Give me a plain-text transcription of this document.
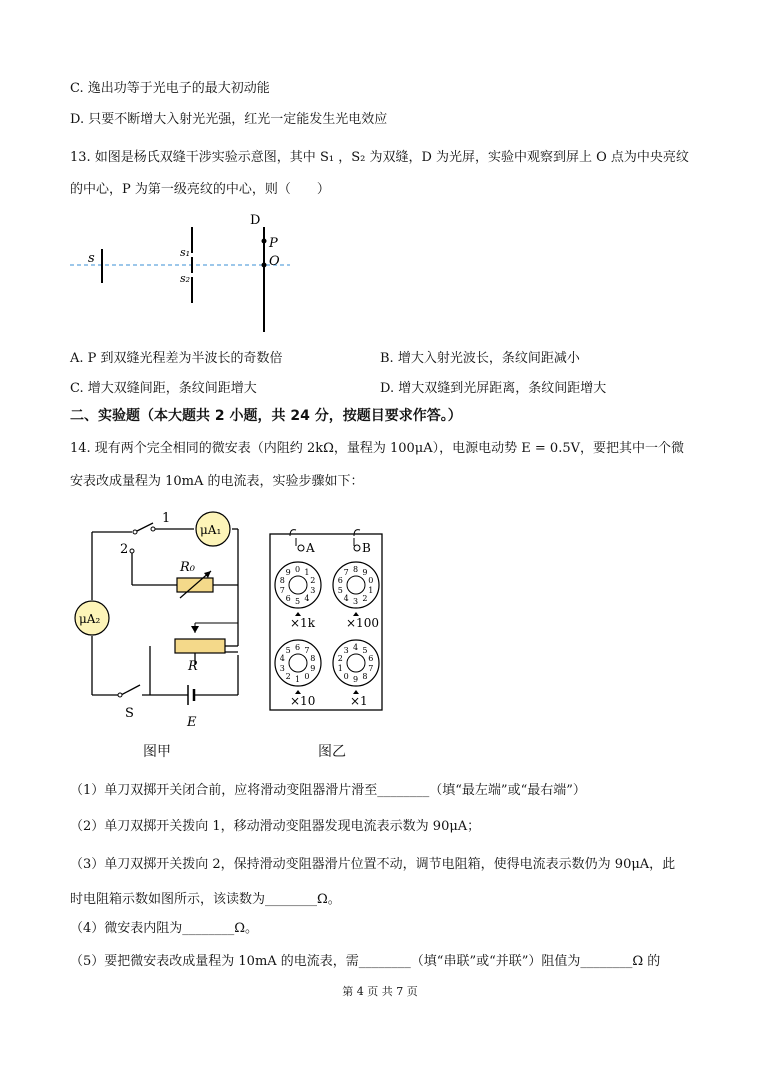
C. 逸出功等于光电子的最大初动能
D. 只要不断增大入射光光强，红光一定能发生光电效应
13. 如图是杨氏双缝干涉实验示意图，其中 S₁ ，S₂ 为双缝，D 为光屏，实验中观察到屏上 O 点为中央亮纹
的中心，P 为第一级亮纹的中心，则（　　）
s	s₁
s₂
D
P
O
A. P 到双缝光程差为半波长的奇数倍	B. 增大入射光波长，条纹间距减小
C. 增大双缝间距，条纹间距增大	D. 增大双缝到光屏距离，条纹间距增大
二、实验题（本大题共 2 小题，共 24 分，按题目要求作答。）
14. 现有两个完全相同的微安表（内阻约 2kΩ，量程为 100μA），电源电动势 E = 0.5V，要把其中一个微
安表改成量程为 10mA 的电流表，实验步骤如下：
1
2
μA₁
μA₂
R₀
R
S
E
A	B
0 1
2
3
4
5
6
7
8
9
0
1
2
3
4
5
6
7 8 9
0
1
2
3
4
5 6 7
8
9
0
1
2
3 4 5
6
7
8
9
×1k	×100
×10	×1
图甲	图乙
（1）单刀双掷开关闭合前，应将滑动变阻器滑片滑至________（填“最左端”或“最右端”）
（2）单刀双掷开关拨向 1，移动滑动变阻器发现电流表示数为 90μA；
（3）单刀双掷开关拨向 2，保持滑动变阻器滑片位置不动，调节电阻箱，使得电流表示数仍为 90μA，此
时电阻箱示数如图所示，该读数为________Ω。
（4）微安表内阻为________Ω。
（5）要把微安表改成量程为 10mA 的电流表，需________（填“串联”或“并联”）阻值为________Ω 的
第 4 页 共 7 页
